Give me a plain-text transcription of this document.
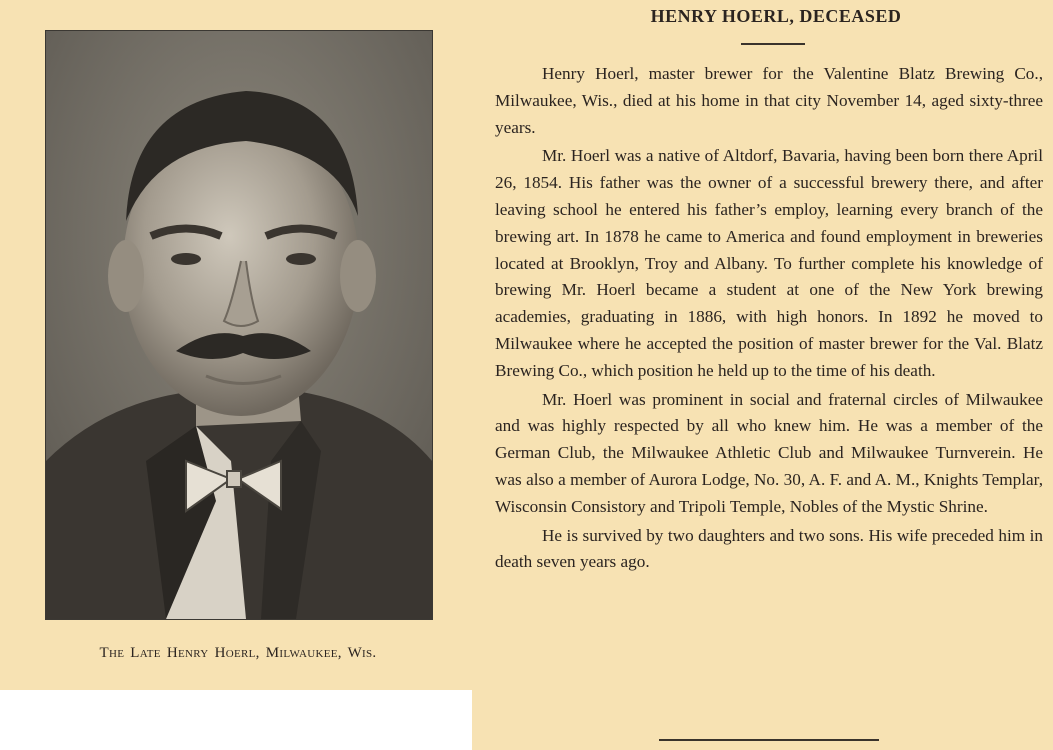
The Late Henry Hoerl, Milwaukee, Wis.
HENRY HOERL, DECEASED

Henry Hoerl, master brewer for the Valentine Blatz Brewing Co., Milwaukee, Wis., died at his home in that city November 14, aged sixty-three years.

Mr. Hoerl was a native of Altdorf, Bavaria, having been born there April 26, 1854. His father was the owner of a successful brewery there, and after leaving school he entered his father’s employ, learning every branch of the brewing art. In 1878 he came to America and found employment in breweries located at Brooklyn, Troy and Albany. To further complete his knowledge of brewing Mr. Hoerl became a student at one of the New York brewing academies, graduating in 1886, with high honors. In 1892 he moved to Milwaukee where he accepted the position of master brewer for the Val. Blatz Brewing Co., which position he held up to the time of his death.

Mr. Hoerl was prominent in social and fraternal circles of Milwaukee and was highly respected by all who knew him. He was a member of the German Club, the Milwaukee Athletic Club and Milwaukee Turnverein. He was also a member of Aurora Lodge, No. 30, A. F. and A. M., Knights Templar, Wisconsin Consistory and Tripoli Temple, Nobles of the Mystic Shrine.

He is survived by two daughters and two sons. His wife preceded him in death seven years ago.
